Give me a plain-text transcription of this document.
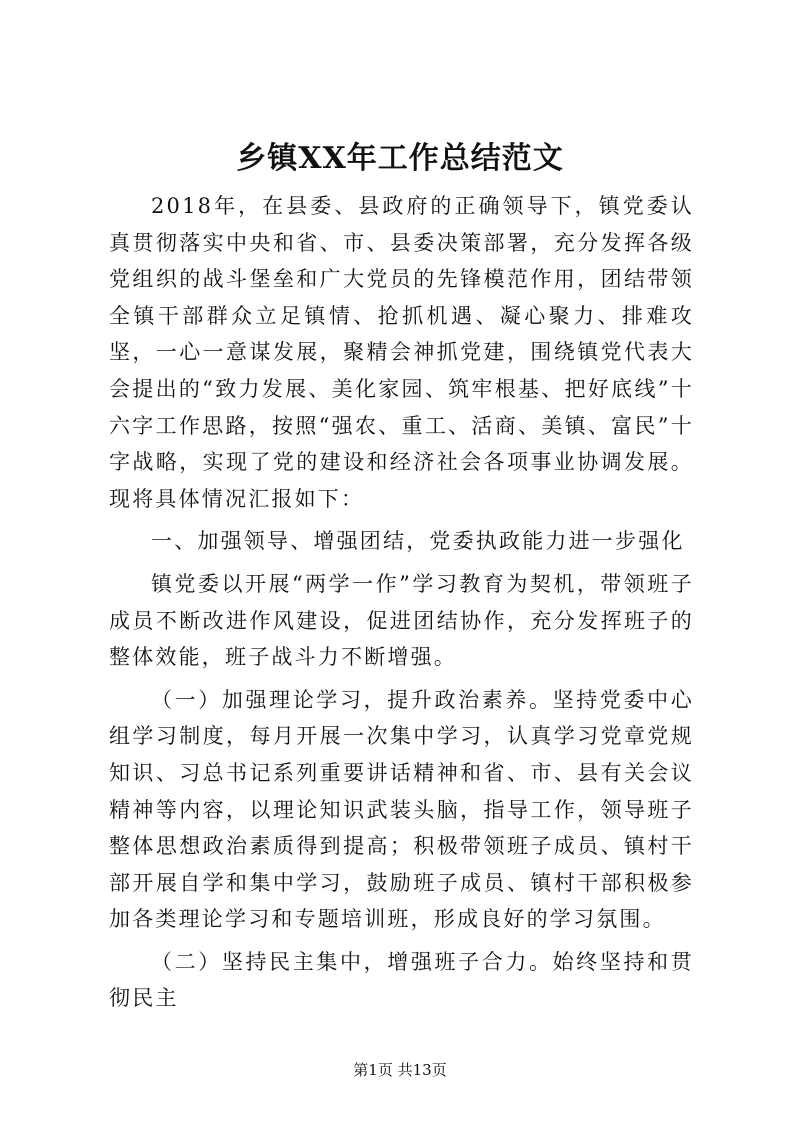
乡镇XX年工作总结范文

2018年，在县委、县政府的正确领导下，镇党委认真贯彻落实中央和省、市、县委决策部署，充分发挥各级党组织的战斗堡垒和广大党员的先锋模范作用，团结带领全镇干部群众立足镇情、抢抓机遇、凝心聚力、排难攻坚，一心一意谋发展，聚精会神抓党建，围绕镇党代表大会提出的“致力发展、美化家园、筑牢根基、把好底线”十六字工作思路，按照“强农、重工、活商、美镇、富民”十字战略，实现了党的建设和经济社会各项事业协调发展。现将具体情况汇报如下：

一、加强领导、增强团结，党委执政能力进一步强化

镇党委以开展“两学一作”学习教育为契机，带领班子成员不断改进作风建设，促进团结协作，充分发挥班子的整体效能，班子战斗力不断增强。

（一）加强理论学习，提升政治素养。坚持党委中心组学习制度，每月开展一次集中学习，认真学习党章党规知识、习总书记系列重要讲话精神和省、市、县有关会议精神等内容，以理论知识武装头脑，指导工作，领导班子整体思想政治素质得到提高；积极带领班子成员、镇村干部开展自学和集中学习，鼓励班子成员、镇村干部积极参加各类理论学习和专题培训班，形成良好的学习氛围。

（二）坚持民主集中，增强班子合力。始终坚持和贯彻民主

第1页 共13页
